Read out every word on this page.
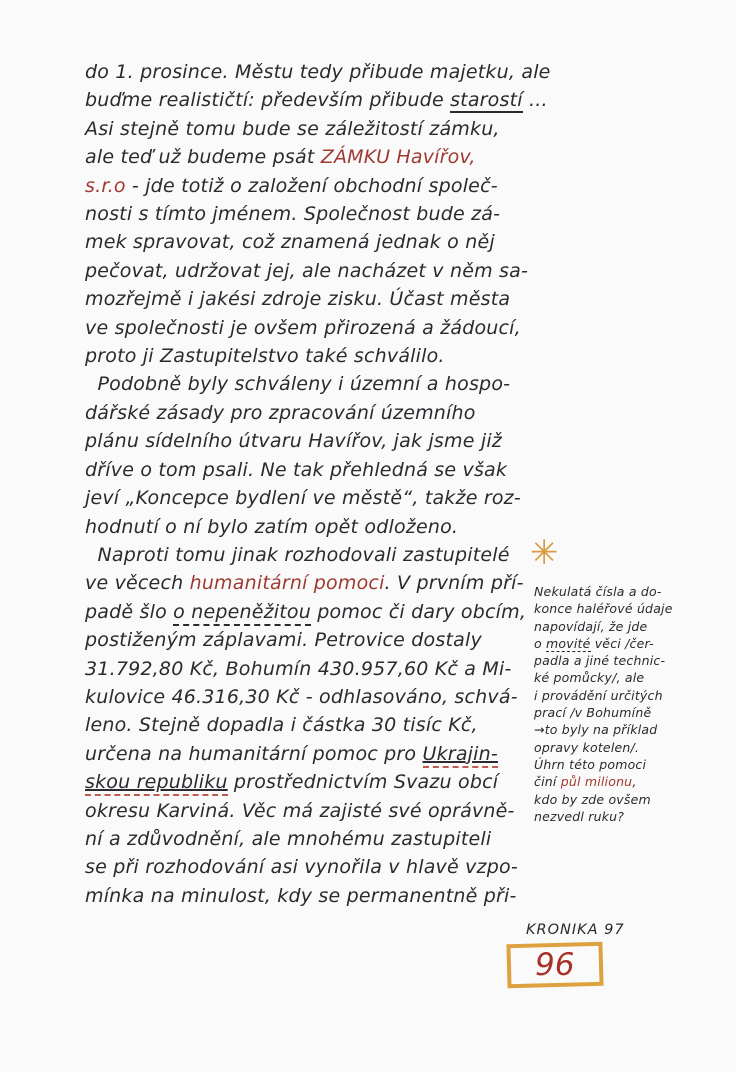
do 1. prosince. Městu tedy přibude majetku, ale
buďme realističtí: především přibude starostí ...
Asi stejně tomu bude se záležitostí zámku,
ale teď už budeme psát ZÁMKU Havířov,
s.r.o - jde totiž o založení obchodní společ-
nosti s tímto jménem. Společnost bude zá-
mek spravovat, což znamená jednak o něj
pečovat, udržovat jej, ale nacházet v něm sa-
mozřejmě i jakési zdroje zisku. Účast města
ve společnosti je ovšem přirozená a žádoucí,
proto ji Zastupitelstvo také schválilo.
Podobně byly schváleny i územní a hospo-
dářské zásady pro zpracování územního
plánu sídelního útvaru Havířov, jak jsme již
dříve o tom psali. Ne tak přehledná se však
jeví „Koncepce bydlení ve městě“, takže roz-
hodnutí o ní bylo zatím opět odloženo.
Naproti tomu jinak rozhodovali zastupitelé
ve věcech humanitární pomoci. V prvním pří-
padě šlo o nepeněžitou pomoc či dary obcím,
postiženým záplavami. Petrovice dostaly
31.792,80 Kč, Bohumín 430.957,60 Kč a Mi-
kulovice 46.316,30 Kč - odhlasováno, schvá-
leno. Stejně dopadla i částka 30 tisíc Kč,
určena na humanitární pomoc pro Ukrajin-
skou republiku prostřednictvím Svazu obcí
okresu Karviná. Věc má zajisté své oprávně-
ní a zdůvodnění, ale mnohému zastupiteli
se při rozhodování asi vynořila v hlavě vzpo-
mínka na minulost, kdy se permanentně při-
✳
Nekulatá čísla a do-
konce haléřové údaje
napovídají, že jde
o movité věci /čer-
padla a jiné technic-
ké pomůcky/, ale
i provádění určitých
prací /v Bohumíně
→to byly na příklad
opravy kotelen/.
Úhrn této pomoci
činí půl milionu,
kdo by zde ovšem
nezvedl ruku?
KRONIKA 97
96
